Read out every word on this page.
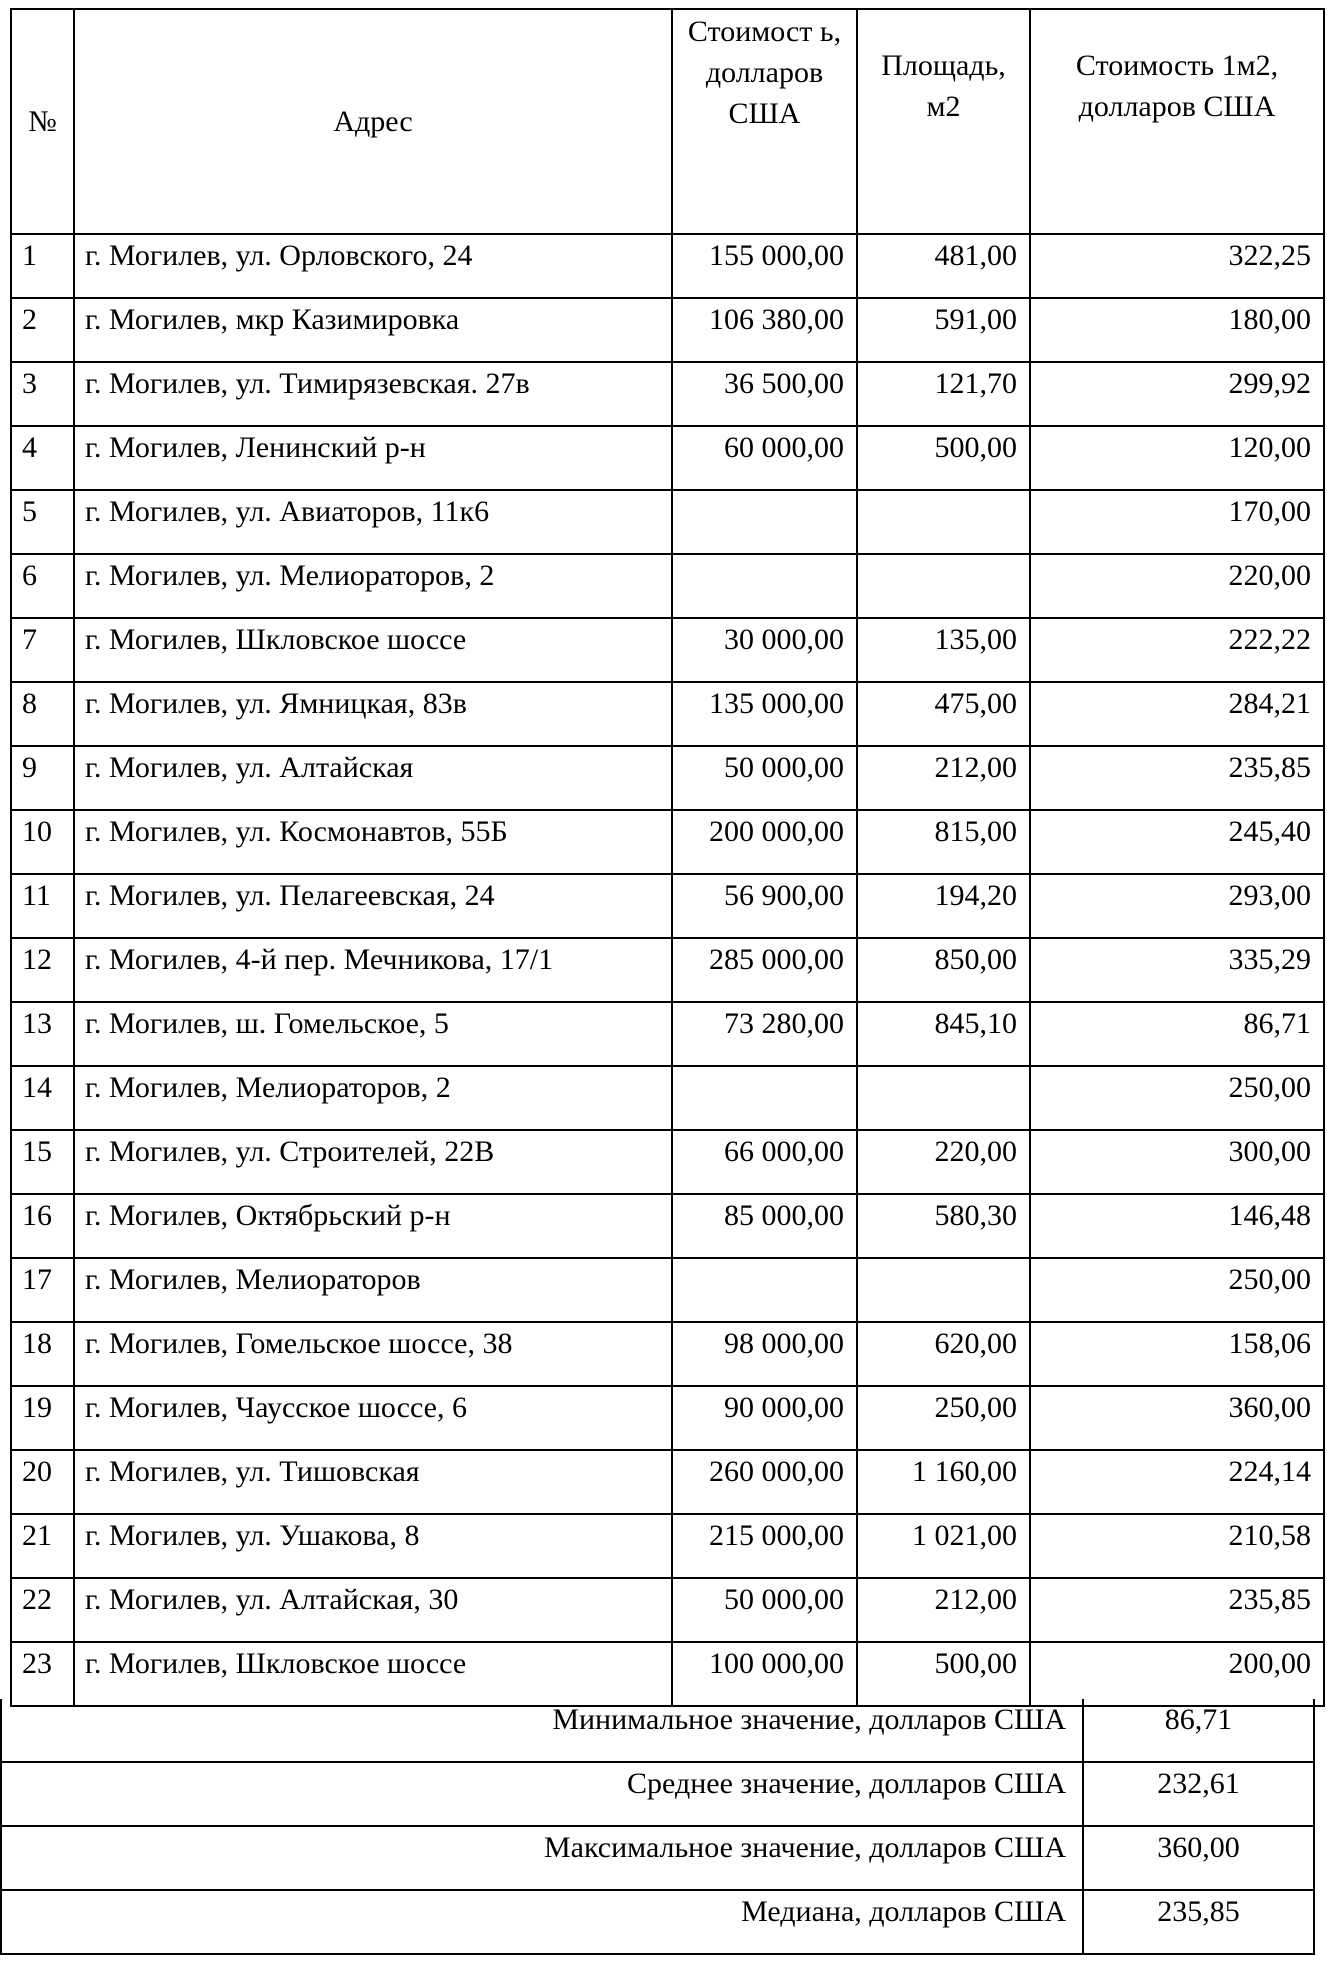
№	Адрес	Стоимост ь, долларов США	Площадь, м2	Стоимость 1м2, долларов США
1	г. Могилев, ул. Орловского, 24	155 000,00	481,00	322,25
2	г. Могилев, мкр Казимировка	106 380,00	591,00	180,00
3	г. Могилев, ул. Тимирязевская. 27в	36 500,00	121,70	299,92
4	г. Могилев, Ленинский р-н	60 000,00	500,00	120,00
5	г. Могилев, ул. Авиаторов, 11к6			170,00
6	г. Могилев, ул. Мелиораторов, 2			220,00
7	г. Могилев, Шкловское шоссе	30 000,00	135,00	222,22
8	г. Могилев, ул. Ямницкая, 83в	135 000,00	475,00	284,21
9	г. Могилев, ул. Алтайская	50 000,00	212,00	235,85
10	г. Могилев, ул. Космонавтов, 55Б	200 000,00	815,00	245,40
11	г. Могилев, ул. Пелагеевская, 24	56 900,00	194,20	293,00
12	г. Могилев, 4-й пер. Мечникова, 17/1	285 000,00	850,00	335,29
13	г. Могилев, ш. Гомельское, 5	73 280,00	845,10	86,71
14	г. Могилев, Мелиораторов, 2			250,00
15	г. Могилев, ул. Строителей, 22В	66 000,00	220,00	300,00
16	г. Могилев, Октябрьский р-н	85 000,00	580,30	146,48
17	г. Могилев, Мелиораторов			250,00
18	г. Могилев, Гомельское шоссе, 38	98 000,00	620,00	158,06
19	г. Могилев, Чаусское шоссе, 6	90 000,00	250,00	360,00
20	г. Могилев, ул. Тишовская	260 000,00	1 160,00	224,14
21	г. Могилев, ул. Ушакова, 8	215 000,00	1 021,00	210,58
22	г. Могилев, ул. Алтайская, 30	50 000,00	212,00	235,85
23	г. Могилев, Шкловское шоссе	100 000,00	500,00	200,00
Минимальное значение, долларов США	86,71
Среднее значение, долларов США	232,61
Максимальное значение, долларов США	360,00
Медиана, долларов США	235,85
